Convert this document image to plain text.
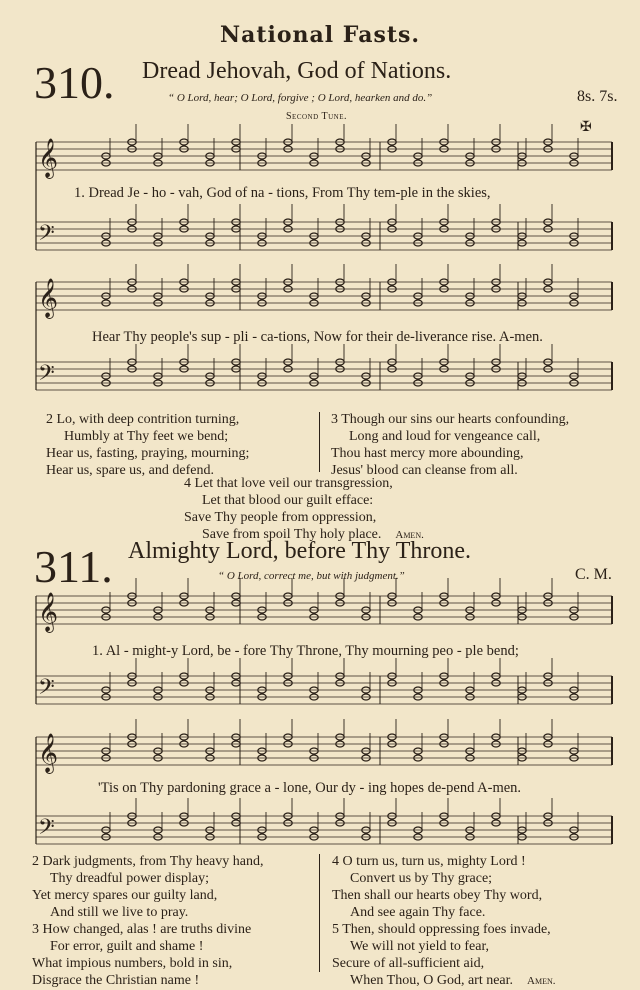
𝄞
𝄢
𝄞
𝄢
𝄞
𝄢
𝄞
𝄢
National Fasts.
310. Dread Jehovah, God of Nations.
“ O Lord, hear; O Lord, forgive ; O Lord, hearken and do.”	8s. 7s.
Second Tune.
✠
1. Dread Je - ho - vah, God of na - tions, From Thy tem-ple in the skies,
Hear Thy people's sup - pli - ca-tions, Now for their de-liverance rise. A-men.
2 Lo, with deep contrition turning,
Humbly at Thy feet we bend;
Hear us, fasting, praying, mourning;
Hear us, spare us, and defend.
3 Though our sins our hearts confounding,
Long and loud for vengeance call,
Thou hast mercy more abounding,
Jesus' blood can cleanse from all.
4 Let that love veil our transgression,
Let that blood our guilt efface:
Save Thy people from oppression,
Save from spoil Thy holy place. Amen.
311. Almighty Lord, before Thy Throne.
“ O Lord, correct me, but with judgment.”	C. M.
1. Al - might-y Lord, be - fore Thy Throne, Thy mourning peo - ple bend;
'Tis on Thy pardoning grace a - lone, Our dy - ing hopes de-pend A-men.
2 Dark judgments, from Thy heavy hand,
Thy dreadful power display;
Yet mercy spares our guilty land,
And still we live to pray.
3 How changed, alas ! are truths divine
For error, guilt and shame !
What impious numbers, bold in sin,
Disgrace the Christian name !
4 O turn us, turn us, mighty Lord !
Convert us by Thy grace;
Then shall our hearts obey Thy word,
And see again Thy face.
5 Then, should oppressing foes invade,
We will not yield to fear,
Secure of all-sufficient aid,
When Thou, O God, art near. Amen.
